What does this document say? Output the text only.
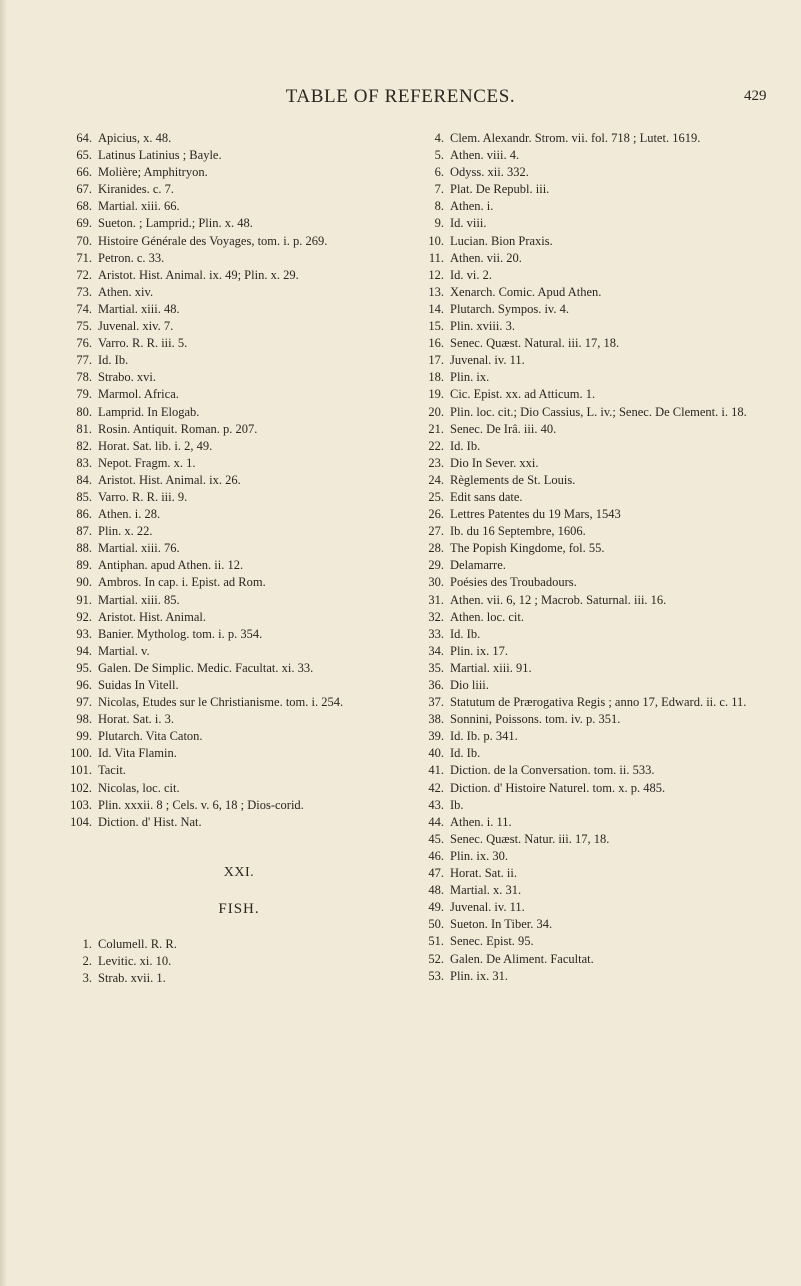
TABLE OF REFERENCES.	429
64. Apicius, x. 48.
65. Latinus Latinius ; Bayle.
66. Molière; Amphitryon.
67. Kiranides. c. 7.
68. Martial. xiii. 66.
69. Sueton. ; Lamprid.; Plin. x. 48.
70. Histoire Générale des Voyages, tom. i. p. 269.
71. Petron. c. 33.
72. Aristot. Hist. Animal. ix. 49; Plin. x. 29.
73. Athen. xiv.
74. Martial. xiii. 48.
75. Juvenal. xiv. 7.
76. Varro. R. R. iii. 5.
77. Id. Ib.
78. Strabo. xvi.
79. Marmol. Africa.
80. Lamprid. In Elogab.
81. Rosin. Antiquit. Roman. p. 207.
82. Horat. Sat. lib. i. 2, 49.
83. Nepot. Fragm. x. 1.
84. Aristot. Hist. Animal. ix. 26.
85. Varro. R. R. iii. 9.
86. Athen. i. 28.
87. Plin. x. 22.
88. Martial. xiii. 76.
89. Antiphan. apud Athen. ii. 12.
90. Ambros. In cap. i. Epist. ad Rom.
91. Martial. xiii. 85.
92. Aristot. Hist. Animal.
93. Banier. Mytholog. tom. i. p. 354.
94. Martial. v.
95. Galen. De Simplic. Medic. Facultat. xi. 33.
96. Suidas In Vitell.
97. Nicolas, Etudes sur le Christianisme. tom. i. 254.
98. Horat. Sat. i. 3.
99. Plutarch. Vita Caton.
100. Id. Vita Flamin.
101. Tacit.
102. Nicolas, loc. cit.
103. Plin. xxxii. 8 ; Cels. v. 6, 18 ; Dios-corid.
104. Diction. d' Hist. Nat.
XXI.
FISH.
1. Columell. R. R.
2. Levitic. xi. 10.
3. Strab. xvii. 1.
4. Clem. Alexandr. Strom. vii. fol. 718 ; Lutet. 1619.
5. Athen. viii. 4.
6. Odyss. xii. 332.
7. Plat. De Republ. iii.
8. Athen. i.
9. Id. viii.
10. Lucian. Bion Praxis.
11. Athen. vii. 20.
12. Id. vi. 2.
13. Xenarch. Comic. Apud Athen.
14. Plutarch. Sympos. iv. 4.
15. Plin. xviii. 3.
16. Senec. Quæst. Natural. iii. 17, 18.
17. Juvenal. iv. 11.
18. Plin. ix.
19. Cic. Epist. xx. ad Atticum. 1.
20. Plin. loc. cit.; Dio Cassius, L. iv.; Senec. De Clement. i. 18.
21. Senec. De Irâ. iii. 40.
22. Id. Ib.
23. Dio In Sever. xxi.
24. Règlements de St. Louis.
25. Edit sans date.
26. Lettres Patentes du 19 Mars, 1543
27. Ib. du 16 Septembre, 1606.
28. The Popish Kingdome, fol. 55.
29. Delamarre.
30. Poésies des Troubadours.
31. Athen. vii. 6, 12 ; Macrob. Saturnal. iii. 16.
32. Athen. loc. cit.
33. Id. Ib.
34. Plin. ix. 17.
35. Martial. xiii. 91.
36. Dio liii.
37. Statutum de Prærogativa Regis ; anno 17, Edward. ii. c. 11.
38. Sonnini, Poissons. tom. iv. p. 351.
39. Id. Ib. p. 341.
40. Id. Ib.
41. Diction. de la Conversation. tom. ii. 533.
42. Diction. d' Histoire Naturel. tom. x. p. 485.
43. Ib.
44. Athen. i. 11.
45. Senec. Quæst. Natur. iii. 17, 18.
46. Plin. ix. 30.
47. Horat. Sat. ii.
48. Martial. x. 31.
49. Juvenal. iv. 11.
50. Sueton. In Tiber. 34.
51. Senec. Epist. 95.
52. Galen. De Aliment. Facultat.
53. Plin. ix. 31.
